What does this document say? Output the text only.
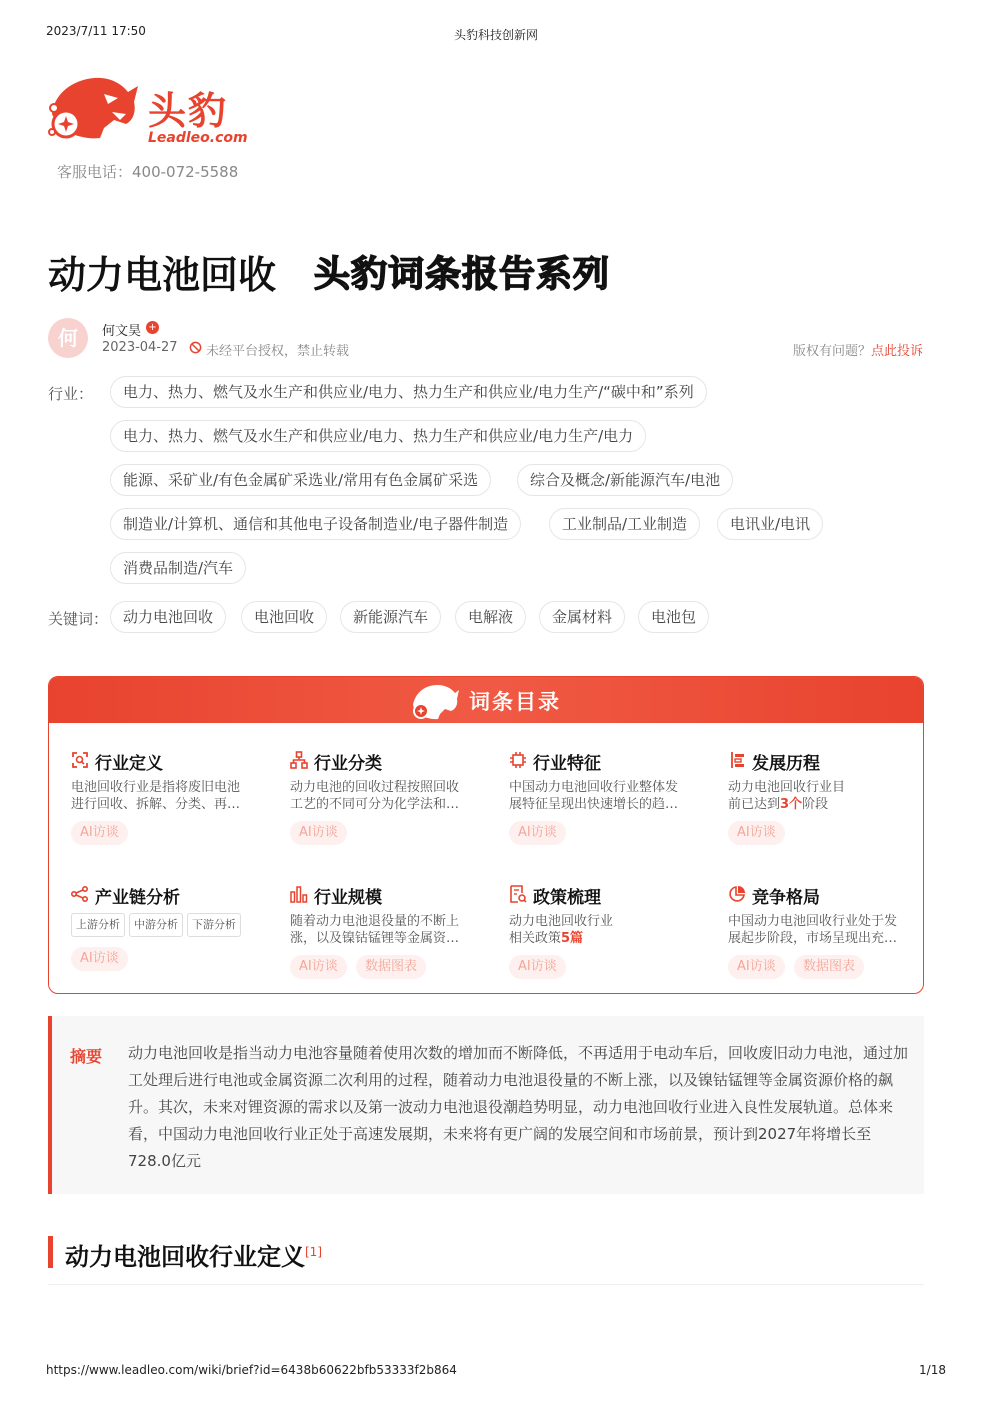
2023/7/11 17:50	头豹科技创新网
头豹
Leadleo.com
客服电话：400-072-5588
动力电池回收 头豹词条报告系列
何	何文昊 +
2023-04-27 未经平台授权，禁止转载	版权有问题？点此投诉
行业：	电力、热力、燃气及水生产和供应业/电力、热力生产和供应业/电力生产/“碳中和”系列
电力、热力、燃气及水生产和供应业/电力、热力生产和供应业/电力生产/电力
能源、采矿业/有色金属矿采选业/常用有色金属矿采选	综合及概念/新能源汽车/电池
制造业/计算机、通信和其他电子设备制造业/电子器件制造	工业制品/工业制造	电讯业/电讯
消费品制造/汽车
关键词： 动力电池回收	电池回收	新能源汽车	电解液	金属材料	电池包
词条目录
行业定义
电池回收行业是指将废旧电池进行回收、拆解、分类、再…
AI访谈
行业分类
动力电池的回收过程按照回收工艺的不同可分为化学法和…
AI访谈
行业特征
中国动力电池回收行业整体发展特征呈现出快速增长的趋…
AI访谈
发展历程
动力电池回收行业目前已达到3个阶段
AI访谈
产业链分析
上游分析	中游分析	下游分析
AI访谈
行业规模
随着动力电池退役量的不断上涨，以及镍钴锰锂等金属资…
AI访谈	数据图表
政策梳理
动力电池回收行业相关政策5篇
AI访谈
竞争格局
中国动力电池回收行业处于发展起步阶段，市场呈现出充…
AI访谈	数据图表
摘要 动力电池回收是指当动力电池容量随着使用次数的增加而不断降低，不再适用于电动车后，回收废旧动力电池，通过加工处理后进行电池或金属资源二次利用的过程，随着动力电池退役量的不断上涨，以及镍钴锰锂等金属资源价格的飙升。其次，未来对锂资源的需求以及第一波动力电池退役潮趋势明显，动力电池回收行业进入良性发展轨道。总体来看，中国动力电池回收行业正处于高速发展期，未来将有更广阔的发展空间和市场前景，预计到2027年将增长至728.0亿元
动力电池回收行业定义[1]
https://www.leadleo.com/wiki/brief?id=6438b60622bfb53333f2b864	1/18
